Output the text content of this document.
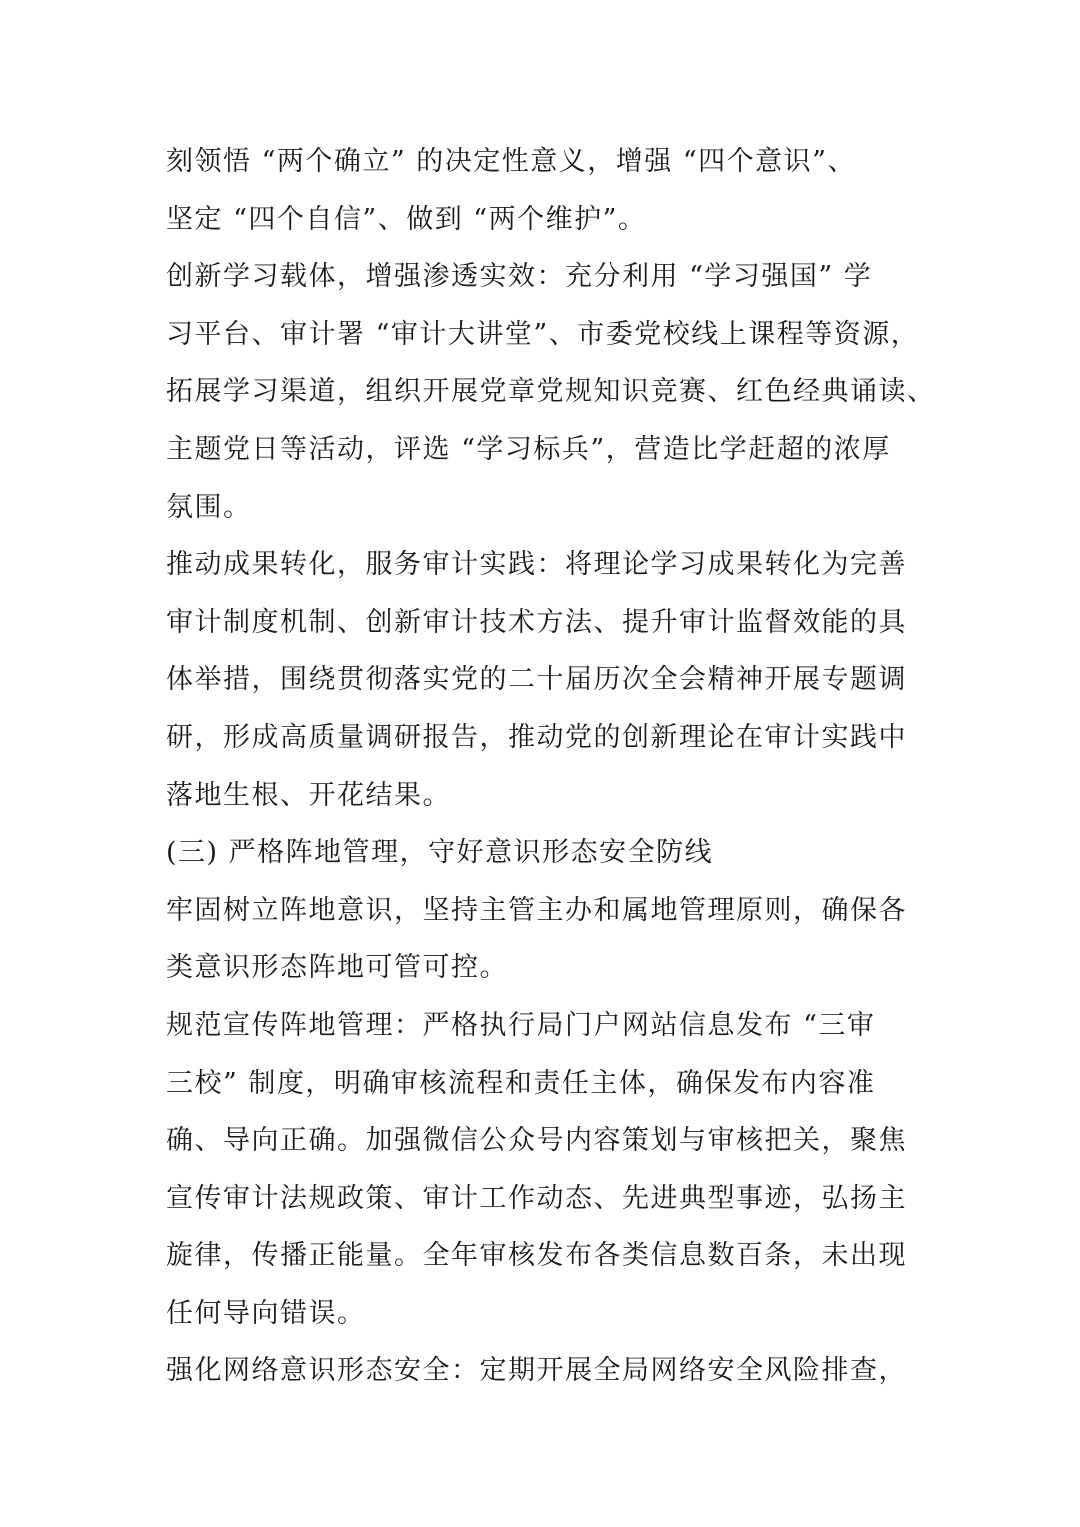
刻领悟 “两个确立” 的决定性意义，增强 “四个意识”、
坚定 “四个自信”、做到 “两个维护”。
创新学习载体，增强渗透实效：充分利用 “学习强国” 学
习平台、审计署 “审计大讲堂”、市委党校线上课程等资源，
拓展学习渠道，组织开展党章党规知识竞赛、红色经典诵读、
主题党日等活动，评选 “学习标兵”，营造比学赶超的浓厚
氛围。
推动成果转化，服务审计实践：将理论学习成果转化为完善
审计制度机制、创新审计技术方法、提升审计监督效能的具
体举措，围绕贯彻落实党的二十届历次全会精神开展专题调
研，形成高质量调研报告，推动党的创新理论在审计实践中
落地生根、开花结果。
(三) 严格阵地管理，守好意识形态安全防线
牢固树立阵地意识，坚持主管主办和属地管理原则，确保各
类意识形态阵地可管可控。
规范宣传阵地管理：严格执行局门户网站信息发布 “三审
三校” 制度，明确审核流程和责任主体，确保发布内容准
确、导向正确。加强微信公众号内容策划与审核把关，聚焦
宣传审计法规政策、审计工作动态、先进典型事迹，弘扬主
旋律，传播正能量。全年审核发布各类信息数百条，未出现
任何导向错误。
强化网络意识形态安全：定期开展全局网络安全风险排查，
